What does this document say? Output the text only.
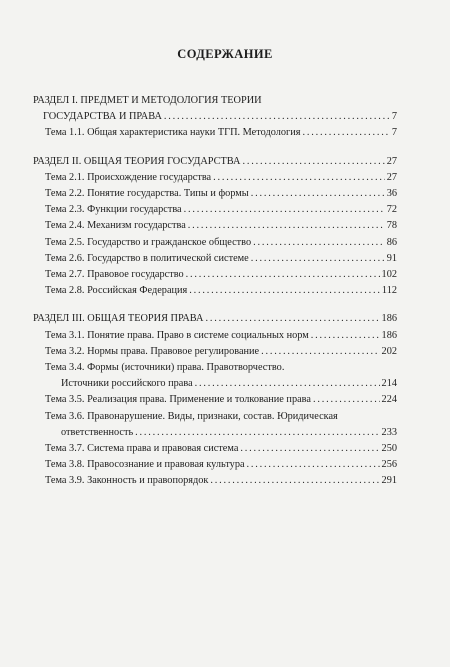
СОДЕРЖАНИЕ
РАЗДЕЛ I. ПРЕДМЕТ И МЕТОДОЛОГИЯ ТЕОРИИ
ГОСУДАРСТВА И ПРАВА .....	7
Тема 1.1. Общая характеристика науки ТГП. Методология .....	7
РАЗДЕЛ II. ОБЩАЯ ТЕОРИЯ ГОСУДАРСТВА .....	27
Тема 2.1. Происхождение государства .....	27
Тема 2.2. Понятие государства. Типы и формы .....	36
Тема 2.3. Функции государства .....	72
Тема 2.4. Механизм государства .....	78
Тема 2.5. Государство и гражданское общество .....	86
Тема 2.6. Государство в политической системе .....	91
Тема 2.7. Правовое государство .....	102
Тема 2.8. Российская Федерация .....	112
РАЗДЕЛ III. ОБЩАЯ ТЕОРИЯ ПРАВА .....	186
Тема 3.1. Понятие права. Право в системе социальных норм .....	186
Тема 3.2. Нормы права. Правовое регулирование .....	202
Тема 3.4. Формы (источники) права. Правотворчество.
Источники российского права .....	214
Тема 3.5. Реализация права. Применение и толкование права .....	224
Тема 3.6. Правонарушение. Виды, признаки, состав. Юридическая
ответственность .....	233
Тема 3.7. Система права и правовая система .....	250
Тема 3.8. Правосознание и правовая культура .....	256
Тема 3.9. Законность и правопорядок .....	291
